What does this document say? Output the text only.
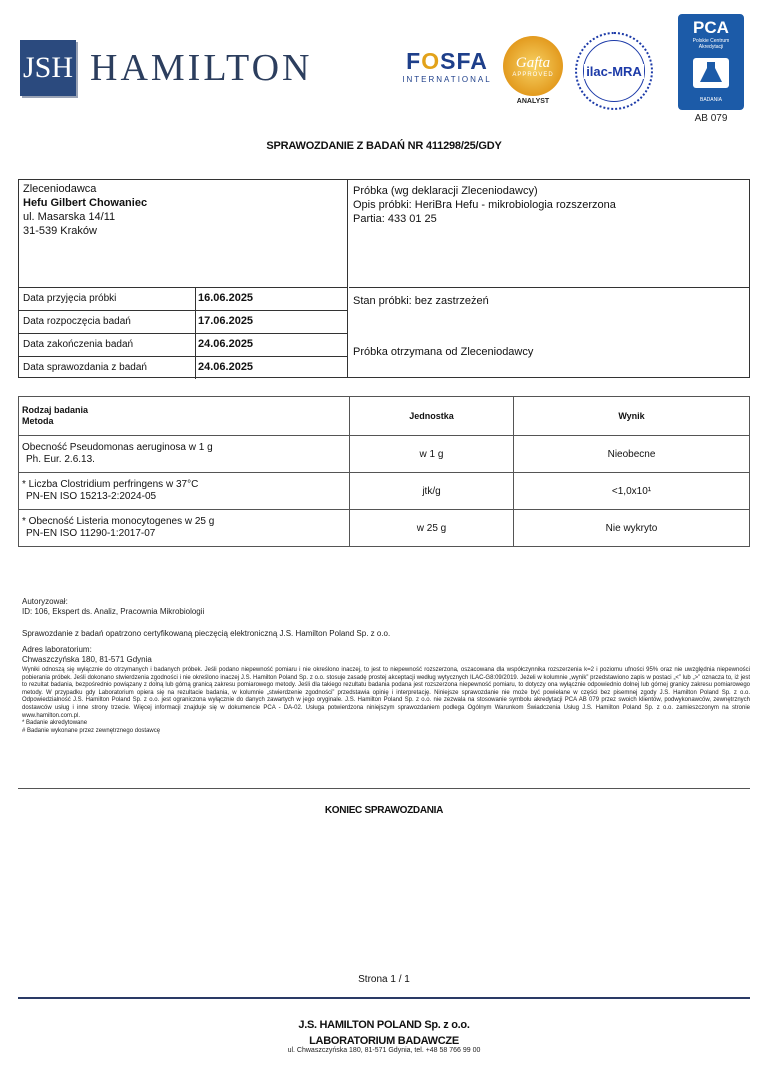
JSH HAMILTON	FOSFA
INTERNATIONAL
Gafta
APPROVED
ANALYST
ilac-MRA
PCA
Polskie Centrum
Akredytacji
BADANIA
AB 079
SPRAWOZDANIE Z BADAŃ NR 411298/25/GDY
Zleceniodawca
Hefu Gilbert Chowaniec
ul. Masarska 14/11
31-539 Kraków
Data przyjęcia próbki	16.06.2025
Data rozpoczęcia badań	17.06.2025
Data zakończenia badań	24.06.2025
Data sprawozdania z badań	24.06.2025
Próbka (wg deklaracji Zleceniodawcy)
Opis próbki: HeriBra Hefu - mikrobiologia rozszerzona
Partia: 433 01 25
Stan próbki: bez zastrzeżeń
Próbka otrzymana od Zleceniodawcy
Rodzaj badania
Metoda	Jednostka	Wynik

Obecność Pseudomonas aeruginosa w 1 g
Ph. Eur. 2.6.13.	w 1 g	Nieobecne

* Liczba Clostridium perfringens w 37°C
PN-EN ISO 15213-2:2024-05	jtk/g	<1,0x10¹

* Obecność Listeria monocytogenes w 25 g
PN-EN ISO 11290-1:2017-07	w 25 g	Nie wykryto
Autoryzował:
ID: 106, Ekspert ds. Analiz, Pracownia Mikrobiologii
Sprawozdanie z badań opatrzono certyfikowaną pieczęcią elektroniczną J.S. Hamilton Poland Sp. z o.o.
Adres laboratorium:
Chwaszczyńska 180, 81-571 Gdynia
Wyniki odnoszą się wyłącznie do otrzymanych i badanych próbek. Jeśli podano niepewność pomiaru i nie określono inaczej, to jest to niepewność rozszerzona, oszacowana dla współczynnika rozszerzenia k=2 i poziomu ufności 95% oraz nie uwzględnia niepewności pobierania próbek. Jeśli dokonano stwierdzenia zgodności i nie określono inaczej J.S. Hamilton Poland Sp. z o.o. stosuje zasadę prostej akceptacji według wytycznych ILAC-G8:09/2019. Jeżeli w kolumnie „wynik” przedstawiono zapis w postaci „<” lub „>” oznacza to, iż jest to rezultat badania, bezpośrednio powiązany z dolną lub górną granicą zakresu pomiarowego metody. Jeśli dla takiego rezultatu badania podana jest rozszerzona niepewność pomiaru, to dotyczy ona wyłącznie odpowiednio dolnej lub górnej granicy zakresu pomiarowego metody. W przypadku gdy Laboratorium opiera się na rezultacie badania, w kolumnie „stwierdzenie zgodności” przedstawia opinię i interpretację. Niniejsze sprawozdanie nie może być powielane w części bez pisemnej zgody J.S. Hamilton Poland Sp. z o.o. Odpowiedzialność J.S. Hamilton Poland Sp. z o.o. jest ograniczona wyłącznie do danych zawartych w jego oryginale. J.S. Hamilton Poland Sp. z o.o. nie zezwala na stosowanie symbolu akredytacji PCA AB 079 przez swoich klientów, podwykonawców, zewnętrznych dostawców usług i inne strony trzecie. Więcej informacji znajduje się w dokumencie PCA - DA-02. Usługa potwierdzona niniejszym sprawozdaniem podlega Ogólnym Warunkom Świadczenia Usług J.S. Hamilton Poland Sp. z o.o. zamieszczonym na stronie www.hamilton.com.pl.
* Badanie akredytowane
# Badanie wykonane przez zewnętrznego dostawcę
KONIEC SPRAWOZDANIA
Strona 1 / 1
J.S. HAMILTON POLAND Sp. z o.o.
LABORATORIUM BADAWCZE
ul. Chwaszczyńska 180, 81-571 Gdynia, tel. +48 58 766 99 00
